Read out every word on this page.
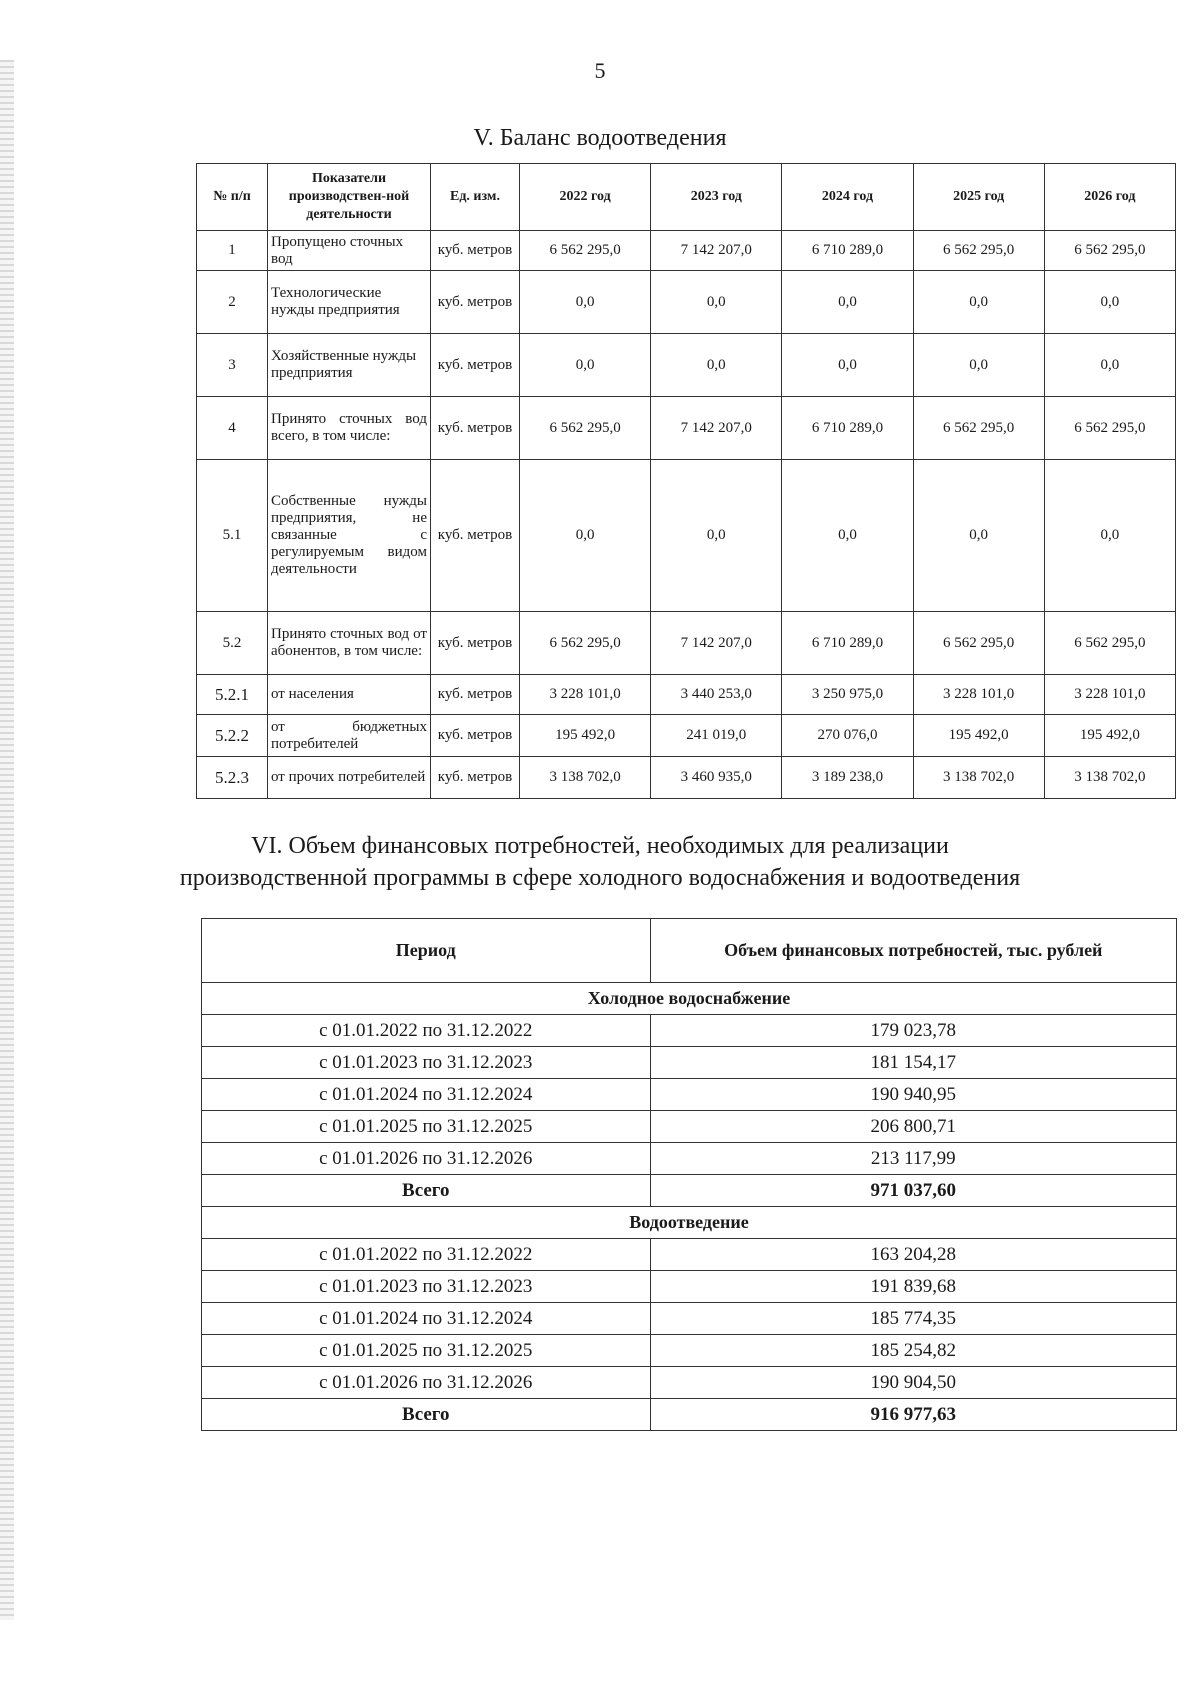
5
V. Баланс водоотведения
№ п/п	Показатели производствен-ной деятельности	Ед. изм.	2022 год	2023 год	2024 год	2025 год	2026 год
1	Пропущено сточных вод	куб. метров	6 562 295,0	7 142 207,0	6 710 289,0	6 562 295,0	6 562 295,0
2	Технологические нужды предприятия	куб. метров	0,0	0,0	0,0	0,0	0,0
3	Хозяйственные нужды предприятия	куб. метров	0,0	0,0	0,0	0,0	0,0
4	Принято сточных вод всего, в том числе:	куб. метров	6 562 295,0	7 142 207,0	6 710 289,0	6 562 295,0	6 562 295,0
5.1	Собственные нужды предприятия, не связанные с регулируемым видом деятельности	куб. метров	0,0	0,0	0,0	0,0	0,0
5.2	Принято сточных вод от абонентов, в том числе:	куб. метров	6 562 295,0	7 142 207,0	6 710 289,0	6 562 295,0	6 562 295,0
5.2.1	от населения	куб. метров	3 228 101,0	3 440 253,0	3 250 975,0	3 228 101,0	3 228 101,0
5.2.2	от бюджетных потребителей	куб. метров	195 492,0	241 019,0	270 076,0	195 492,0	195 492,0
5.2.3	от прочих потребителей	куб. метров	3 138 702,0	3 460 935,0	3 189 238,0	3 138 702,0	3 138 702,0
VI. Объем финансовых потребностей, необходимых для реализации
производственной программы в сфере холодного водоснабжения и водоотведения
Период	Объем финансовых потребностей, тыс. рублей
Холодное водоснабжение	
с 01.01.2022 по 31.12.2022	179 023,78
с 01.01.2023 по 31.12.2023	181 154,17
с 01.01.2024 по 31.12.2024	190 940,95
с 01.01.2025 по 31.12.2025	206 800,71
с 01.01.2026 по 31.12.2026	213 117,99
Всего	971 037,60
Водоотведение	
с 01.01.2022 по 31.12.2022	163 204,28
с 01.01.2023 по 31.12.2023	191 839,68
с 01.01.2024 по 31.12.2024	185 774,35
с 01.01.2025 по 31.12.2025	185 254,82
с 01.01.2026 по 31.12.2026	190 904,50
Всего	916 977,63
